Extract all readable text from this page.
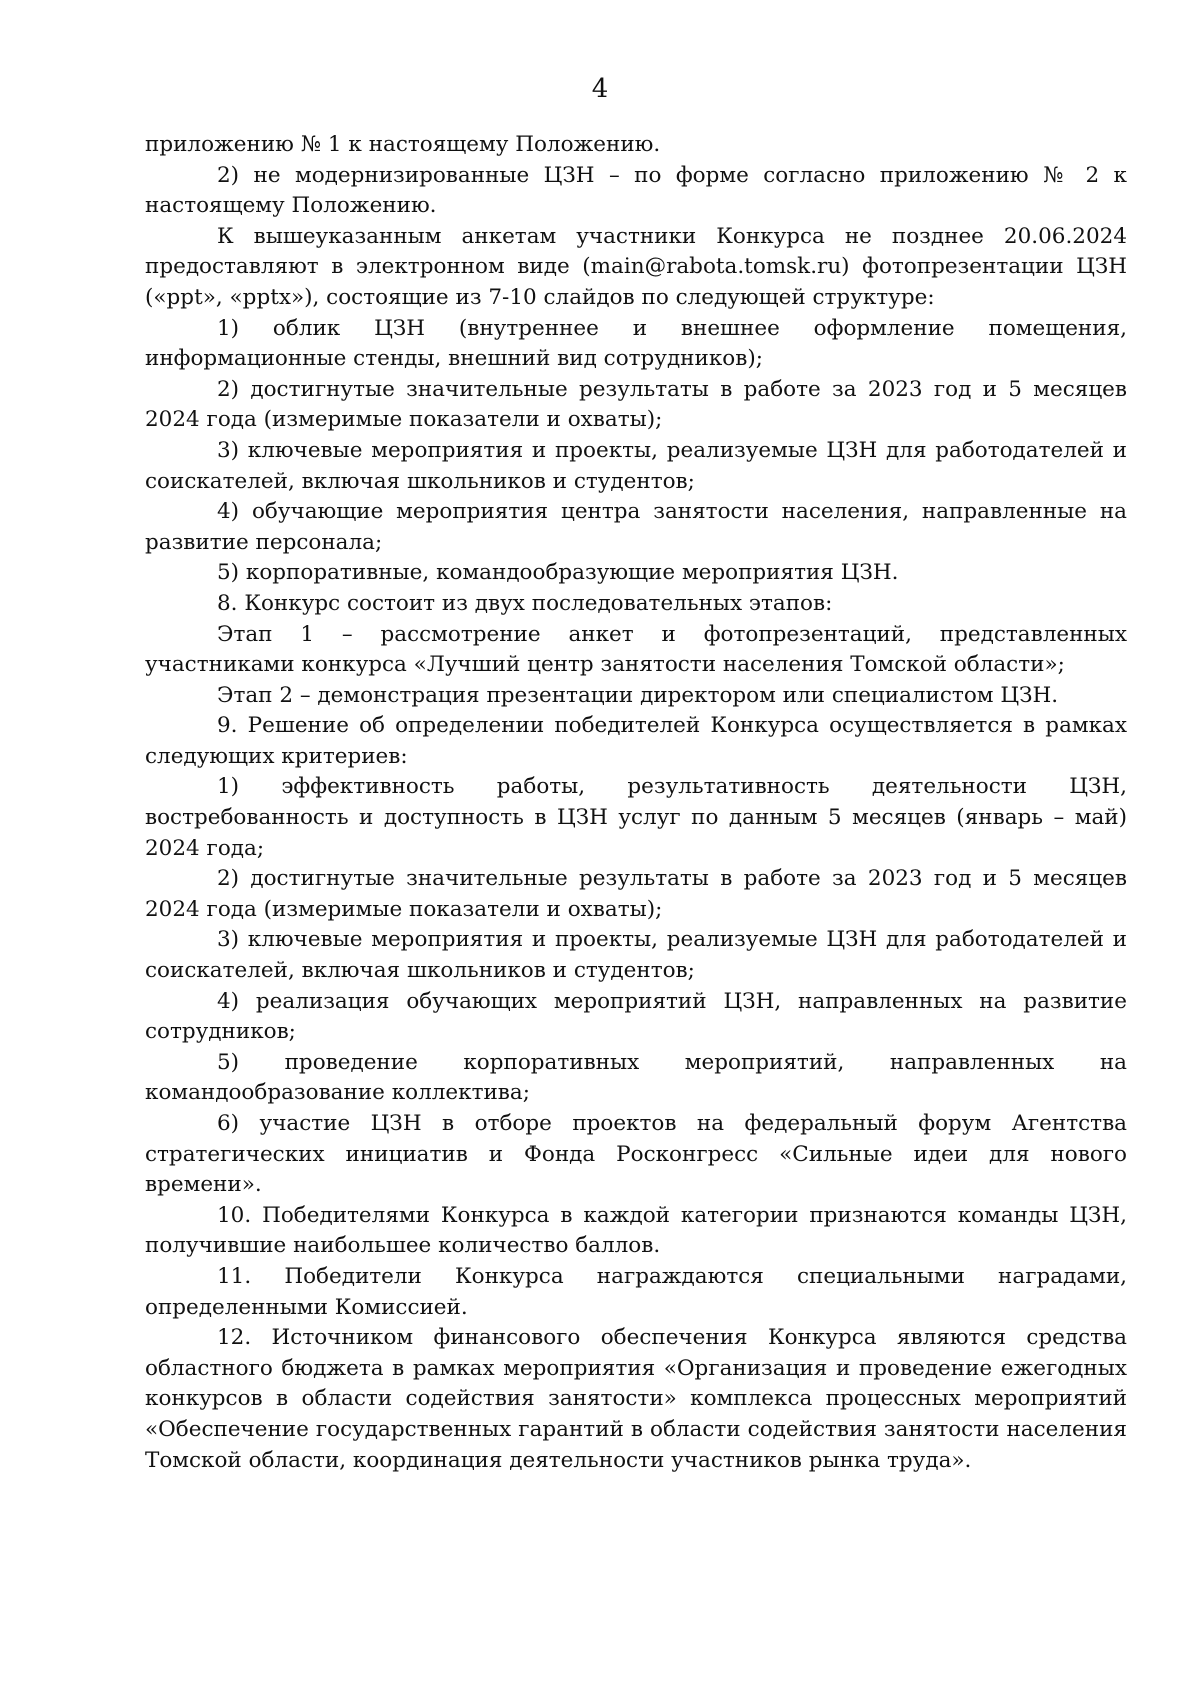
4

приложению № 1 к настоящему Положению.

2) не модернизированные ЦЗН – по форме согласно приложению № 2 к настоящему Положению.

К вышеуказанным анкетам участники Конкурса не позднее 20.06.2024 предоставляют в электронном виде (main@rabota.tomsk.ru) фотопрезентации ЦЗН («ppt», «pptx»), состоящие из 7-10 слайдов по следующей структуре:

1) облик ЦЗН (внутреннее и внешнее оформление помещения, информационные стенды, внешний вид сотрудников);

2) достигнутые значительные результаты в работе за 2023 год и 5 месяцев 2024 года (измеримые показатели и охваты);

3) ключевые мероприятия и проекты, реализуемые ЦЗН для работодателей и соискателей, включая школьников и студентов;

4) обучающие мероприятия центра занятости населения, направленные на развитие персонала;

5) корпоративные, командообразующие мероприятия ЦЗН.

8. Конкурс состоит из двух последовательных этапов:

Этап 1 – рассмотрение анкет и фотопрезентаций, представленных участниками конкурса «Лучший центр занятости населения Томской области»;

Этап 2 – демонстрация презентации директором или специалистом ЦЗН.

9. Решение об определении победителей Конкурса осуществляется в рамках следующих критериев:

1) эффективность работы, результативность деятельности ЦЗН, востребованность и доступность в ЦЗН услуг по данным 5 месяцев (январь – май) 2024 года;

2) достигнутые значительные результаты в работе за 2023 год и 5 месяцев 2024 года (измеримые показатели и охваты);

3) ключевые мероприятия и проекты, реализуемые ЦЗН для работодателей и соискателей, включая школьников и студентов;

4) реализация обучающих мероприятий ЦЗН, направленных на развитие сотрудников;

5) проведение корпоративных мероприятий, направленных на командообразование коллектива;

6) участие ЦЗН в отборе проектов на федеральный форум Агентства стратегических инициатив и Фонда Росконгресс «Сильные идеи для нового времени».

10. Победителями Конкурса в каждой категории признаются команды ЦЗН, получившие наибольшее количество баллов.

11. Победители Конкурса награждаются специальными наградами, определенными Комиссией.

12. Источником финансового обеспечения Конкурса являются средства областного бюджета в рамках мероприятия «Организация и проведение ежегодных конкурсов в области содействия занятости» комплекса процессных мероприятий «Обеспечение государственных гарантий в области содействия занятости населения Томской области, координация деятельности участников рынка труда».
